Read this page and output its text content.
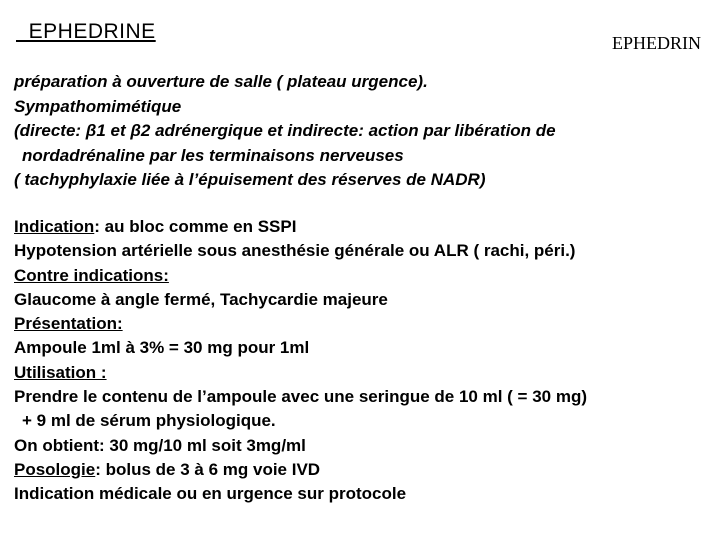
EPHEDRINE	EPHEDRIN
préparation à ouverture de salle ( plateau urgence).
Sympathomimétique
(directe: β1 et β2 adrénergique et indirecte: action par libération de
nordadrénaline par les terminaisons nerveuses
( tachyphylaxie liée à l’épuisement des réserves de NADR)
Indication: au bloc comme en SSPI
Hypotension artérielle sous anesthésie générale ou ALR ( rachi, péri.)
Contre indications:
Glaucome à angle fermé, Tachycardie majeure
Présentation:
Ampoule 1ml à 3% = 30 mg pour 1ml
Utilisation :
Prendre le contenu de l’ampoule avec une seringue de 10 ml ( = 30 mg)
+ 9 ml de sérum physiologique.
On obtient: 30 mg/10 ml soit 3mg/ml
Posologie: bolus de 3 à 6 mg voie IVD
Indication médicale ou en urgence sur protocole
